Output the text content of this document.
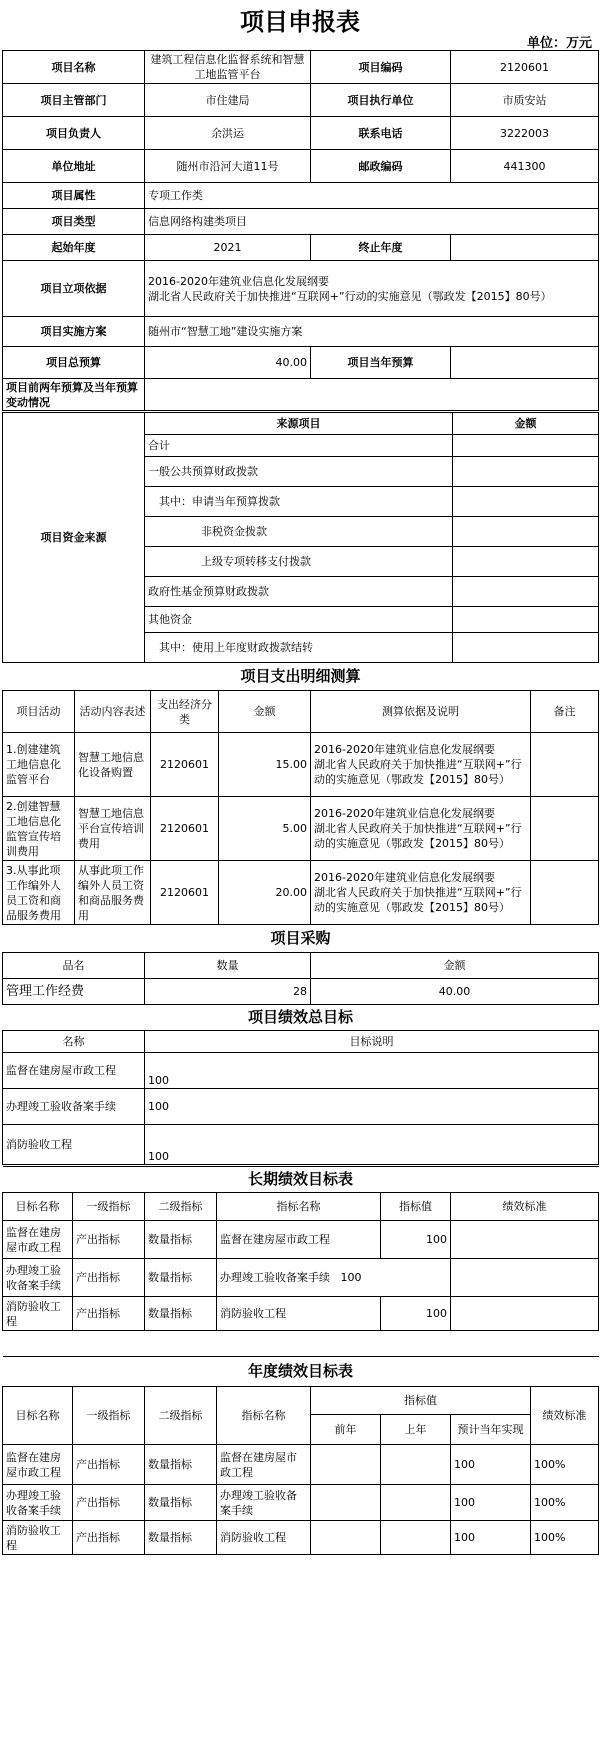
项目申报表
单位：万元
项目名称	建筑工程信息化监督系统和智慧工地监管平台	项目编码	2120601
项目主管部门	市住建局	项目执行单位	市质安站
项目负责人	余洪运	联系电话	3222003
单位地址	随州市沿河大道11号	邮政编码	441300
项目属性	专项工作类		
项目类型	信息网络构建类项目		
起始年度	2021	终止年度	
项目立项依据	2016-2020年建筑业信息化发展纲要
湖北省人民政府关于加快推进“互联网+”行动的实施意见（鄂政发【2015】80号）		
项目实施方案	随州市“智慧工地”建设实施方案		
项目总预算	40.00	项目当年预算	
项目前两年预算及当年预算变动情况			
项目资金来源	来源项目	金额
	合计	
	一般公共预算财政拨款	
	其中：申请当年预算拨款	
	非税资金拨款	
	上级专项转移支付拨款	
	政府性基金预算财政拨款	
	其他资金	
	其中：使用上年度财政拨款结转	
项目支出明细测算					
项目活动	活动内容表述	支出经济分类	金额	测算依据及说明	备注
1.创建建筑工地信息化监管平台	智慧工地信息化设备购置	2120601	15.00	2016-2020年建筑业信息化发展纲要
湖北省人民政府关于加快推进“互联网+”行动的实施意见（鄂政发【2015】80号）	
2.创建智慧工地信息化监管宣传培训费用	智慧工地信息平台宣传培训费用	2120601	5.00	2016-2020年建筑业信息化发展纲要
湖北省人民政府关于加快推进“互联网+”行动的实施意见（鄂政发【2015】80号）	
3.从事此项工作编外人员工资和商品服务费用	从事此项工作编外人员工资和商品服务费用	2120601	20.00	2016-2020年建筑业信息化发展纲要
湖北省人民政府关于加快推进“互联网+”行动的实施意见（鄂政发【2015】80号）	
项目采购		
品名	数量	金额
管理工作经费	28	40.00
项目绩效总目标	
名称	目标说明
监督在建房屋市政工程	100
办理竣工验收备案手续	100
消防验收工程	100
长期绩效目标表					
目标名称	一级指标	二级指标	指标名称	指标值	绩效标准
监督在建房屋市政工程	产出指标	数量指标	监督在建房屋市政工程	100	
办理竣工验收备案手续	产出指标	数量指标	办理竣工验收备案手续 100		
消防验收工程	产出指标	数量指标	消防验收工程	100	
年度绩效目标表							
目标名称	一级指标	二级指标	指标名称	指标值			绩效标准
				前年	上年	预计当年实现	
监督在建房屋市政工程	产出指标	数量指标	监督在建房屋市政工程			100	100%
办理竣工验收备案手续	产出指标	数量指标	办理竣工验收备案手续			100	100%
消防验收工程	产出指标	数量指标	消防验收工程			100	100%
